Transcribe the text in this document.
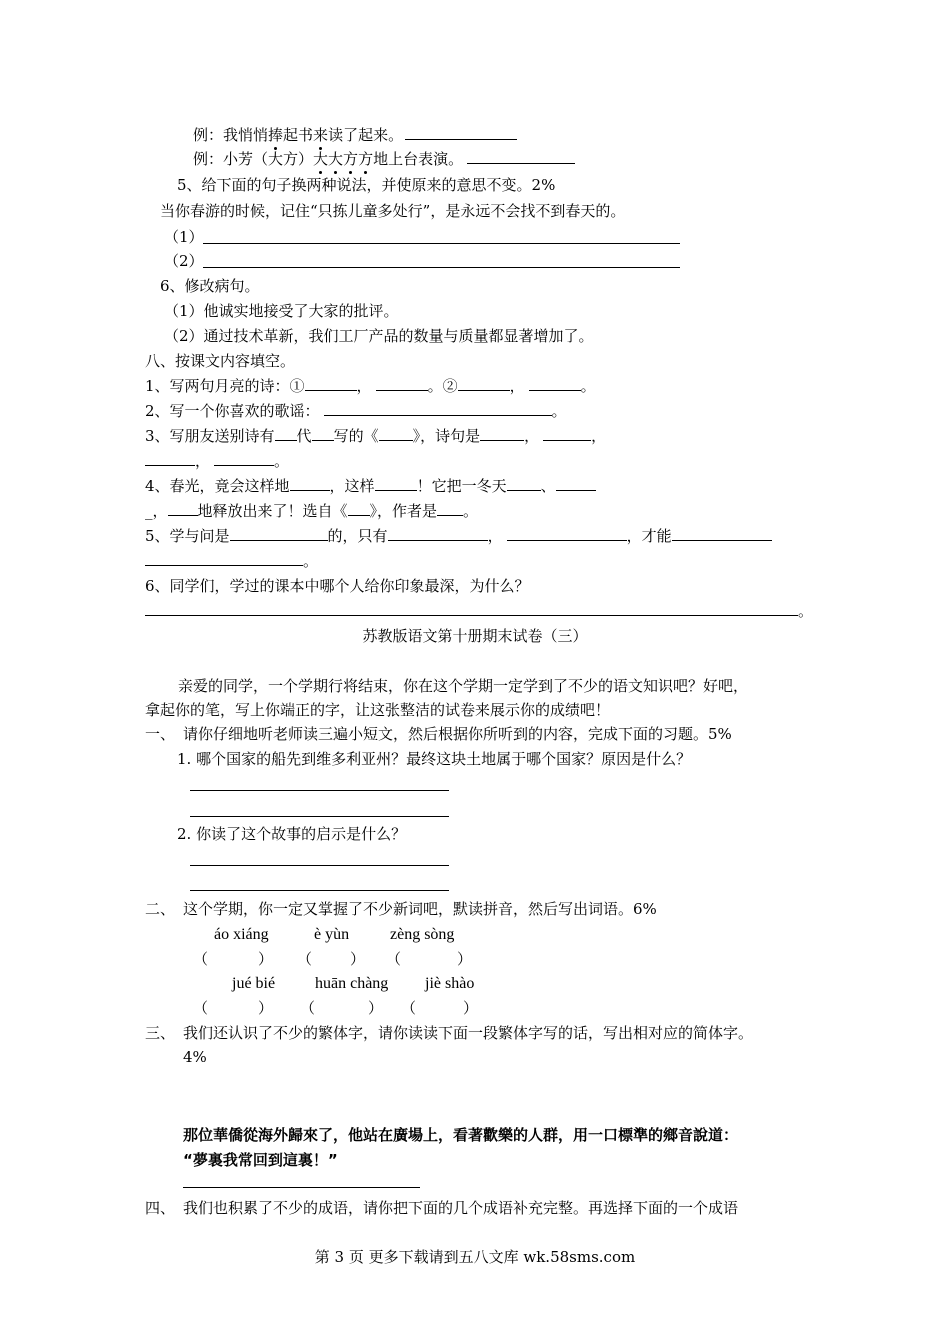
例：我悄悄捧起书来读了起来。
例：小芳（大方）大大方方地上台表演。
5、给下面的句子换两种说法，并使原来的意思不变。2%
当你春游的时候，记住“只拣儿童多处行”，是永远不会找不到春天的。
（1）
（2）
6、修改病句。
（1）他诚实地接受了大家的批评。
（2）通过技术革新，我们工厂产品的数量与质量都显著增加了。
八、按课文内容填空。
1、写两句月亮的诗：①	，	。②	，	。
2、写一个你喜欢的歌谣：	。
3、写朋友送别诗有 代 写的《 》，诗句是	，	，
，	。
4、春光，竟会这样地	，这样	！它把一冬天 、
_， 地释放出来了！选自《 》，作者是 。
5、学与问是	的，只有	，	，才能
。
6、同学们，学过的课本中哪个人给你印象最深，为什么？
。
苏教版语文第十册期末试卷（三）
亲爱的同学，一个学期行将结束，你在这个学期一定学到了不少的语文知识吧？好吧，
拿起你的笔，写上你端正的字，让这张整洁的试卷来展示你的成绩吧！
一、 请你仔细地听老师读三遍小短文，然后根据你所听到的内容，完成下面的习题。5%
1. 哪个国家的船先到维多利亚州？最终这块土地属于哪个国家？原因是什么？
2. 你读了这个故事的启示是什么？
二、 这个学期，你一定又掌握了不少新词吧，默读拼音，然后写出词语。6%
áo xiáng	è yùn	zèng sòng
（	） （	） （	）
jué bié huān chàng jiè shào
（	） （	） （	）
三、 我们还认识了不少的繁体字，请你读读下面一段繁体字写的话，写出相对应的简体字。
4%
那位華僑從海外歸來了，他站在廣場上，看著歡樂的人群，用一口標準的鄉音說道：
“夢裏我常回到這裏！”
四、 我们也积累了不少的成语，请你把下面的几个成语补充完整。再选择下面的一个成语
第 3 页 更多下载请到五八文库 wk.58sms.com
